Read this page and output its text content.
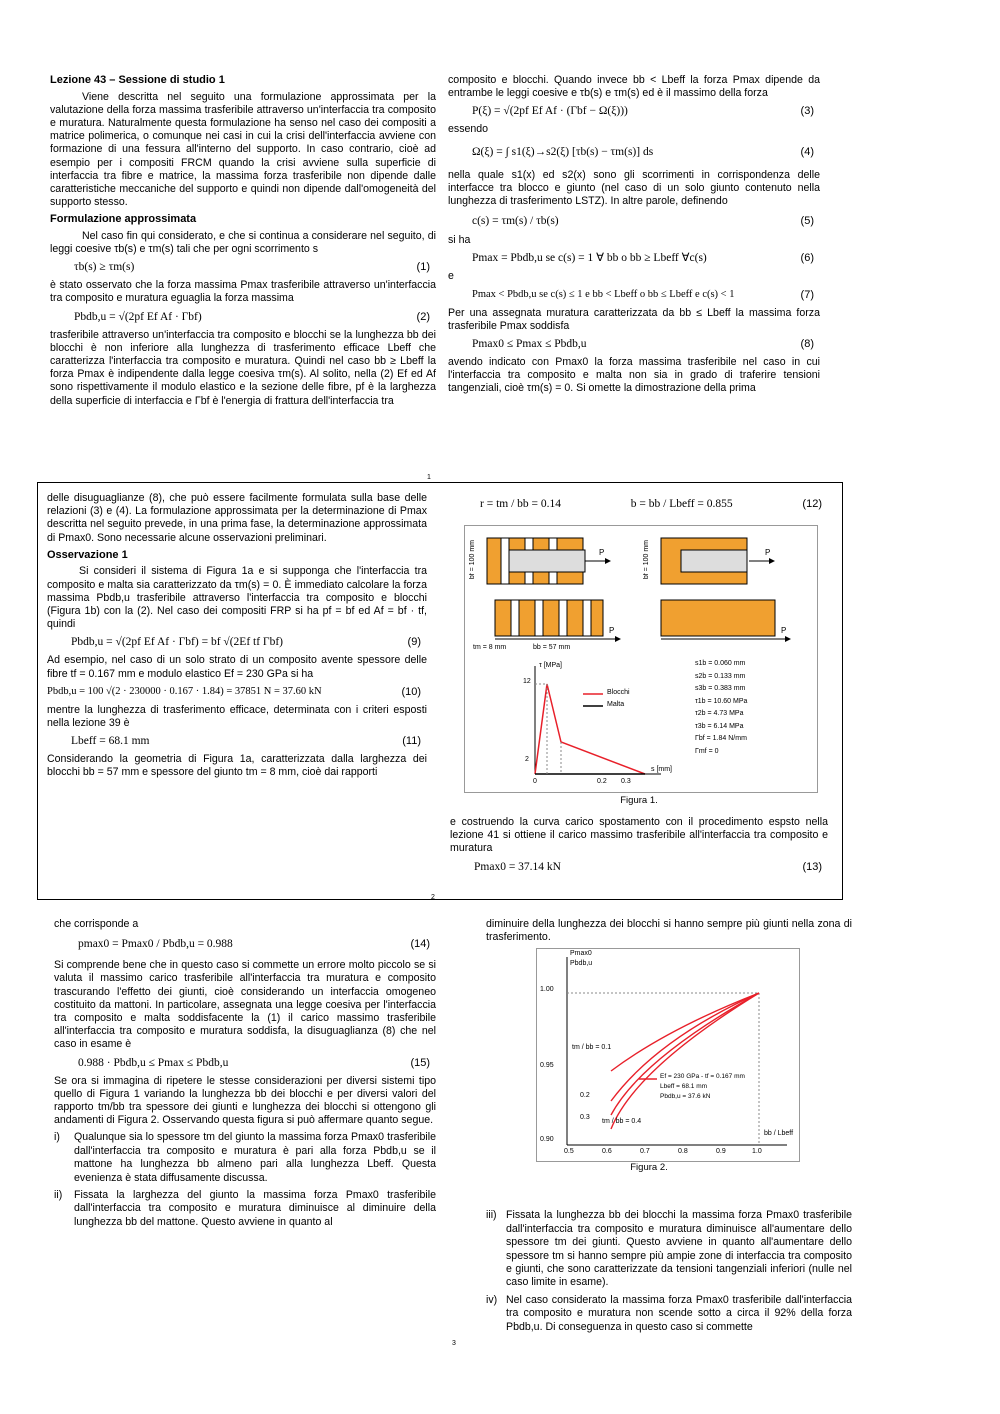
Lezione 43 – Sessione di studio 1

Viene descritta nel seguito una formulazione approssimata per la valutazione della forza massima trasferibile attraverso un'interfaccia tra composito e muratura. Naturalmente questa formulazione ha senso nel caso dei compositi a matrice polimerica, o comunque nei casi in cui la crisi dell'interfaccia avviene con formazione di una fessura all'interno del supporto. In caso contrario, cioè ad esempio per i compositi FRCM quando la crisi avviene sulla superficie di interfaccia tra fibre e matrice, la massima forza trasferibile non dipende dalle caratteristiche meccaniche del supporto e quindi non dipende dall'omogeneità del supporto stesso.

Formulazione approssimata

Nel caso fin qui considerato, e che si continua a considerare nel seguito, di leggi coesive τb(s) e τm(s) tali che per ogni scorrimento s

τb(s) ≥ τm(s)	(1)

è stato osservato che la forza massima Pmax trasferibile attraverso un'interfaccia tra composito e muratura eguaglia la forza massima

Pbdb,u = √(2pf Ef Af · Γbf)	(2)

trasferibile attraverso un'interfaccia tra composito e blocchi se la lunghezza bb dei blocchi è non inferiore alla lunghezza di trasferimento efficace Lbeff che caratterizza l'interfaccia tra composito e muratura. Quindi nel caso bb ≥ Lbeff la forza Pmax è indipendente dalla legge coesiva τm(s). Al solito, nella (2) Ef ed Af sono rispettivamente il modulo elastico e la sezione delle fibre, pf è la larghezza della superficie di interfaccia e Γbf è l'energia di frattura dell'interfaccia tra

composito e blocchi. Quando invece bb < Lbeff la forza Pmax dipende da entrambe le leggi coesive e τb(s) e τm(s) ed è il massimo della forza

P(ξ) = √(2pf Ef Af · (Γbf − Ω(ξ)))	(3)

essendo

Ω(ξ) = ∫ s1(ξ)→s2(ξ) [τb(s) − τm(s)] ds	(4)

nella quale s1(x) ed s2(x) sono gli scorrimenti in corrispondenza delle interfacce tra blocco e giunto (nel caso di un solo giunto contenuto nella lunghezza di trasferimento LSTZ). In altre parole, definendo

c(s) = τm(s) / τb(s)	(5)

si ha

Pmax = Pbdb,u se c(s) = 1 ∀ bb o bb ≥ Lbeff ∀c(s)	(6)

e

Pmax < Pbdb,u se c(s) ≤ 1 e bb < Lbeff o bb ≤ Lbeff e c(s) < 1	(7)

Per una assegnata muratura caratterizzata da bb ≤ Lbeff la massima forza trasferibile Pmax soddisfa

Pmax0 ≤ Pmax ≤ Pbdb,u	(8)

avendo indicato con Pmax0 la forza massima trasferibile nel caso in cui l'interfaccia tra composito e malta non sia in grado di traferire tensioni tangenziali, cioè τm(s) = 0. Si omette la dimostrazione della prima

1

delle disuguaglianze (8), che può essere facilmente formulata sulla base delle relazioni (3) e (4). La formulazione approssimata per la determinazione di Pmax descritta nel seguito prevede, in una prima fase, la determinazione approssimata di Pmax0. Sono necessarie alcune osservazioni preliminari.

Osservazione 1

Si consideri il sistema di Figura 1a e si supponga che l'interfaccia tra composito e malta sia caratterizzato da τm(s) = 0. È immediato calcolare la forza massima Pbdb,u trasferibile attraverso l'interfaccia tra composito e blocchi (Figura 1b) con la (2). Nel caso dei compositi FRP si ha pf = bf ed Af = bf · tf, quindi

Pbdb,u = √(2pf Ef Af · Γbf) = bf √(2Ef tf Γbf)	(9)

Ad esempio, nel caso di un solo strato di un composito avente spessore delle fibre tf = 0.167 mm e modulo elastico Ef = 230 GPa si ha

Pbdb,u = 100 √(2 · 230000 · 0.167 · 1.84) = 37851 N = 37.60 kN	(10)

mentre la lunghezza di trasferimento efficace, determinata con i criteri esposti nella lezione 39 è

Lbeff = 68.1 mm	(11)

Considerando la geometria di Figura 1a, caratterizzata dalla larghezza dei blocchi bb = 57 mm e spessore del giunto tm = 8 mm, cioè dai rapporti

r = tm / bb = 0.14	b = bb / Lbeff = 0.855	(12)
bf = 100 mm	bf = 100 mm
P	P
P	P
tm = 8 mm	bb = 57 mm
τ [MPa]
12
2
0	0.2 0.3
s [mm]
Blocchi
Malta
s1b = 0.060 mm
s2b = 0.133 mm
s3b = 0.383 mm
τ1b = 10.60 MPa
τ2b = 4.73 MPa
τ3b = 6.14 MPa
Γbf = 1.84 N/mm
Γmf = 0
Figura 1.

e costruendo la curva carico spostamento con il procedimento espsto nella lezione 41 si ottiene il carico massimo trasferibile all'interfaccia tra composito e muratura

Pmax0 = 37.14 kN	(13)
2

che corrisponde a

pmax0 = Pmax0 / Pbdb,u = 0.988	(14)

Si comprende bene che in questo caso si commette un errore molto piccolo se si valuta il massimo carico trasferibile all'interfaccia tra muratura e composito trascurando l'effetto dei giunti, cioè considerando un interfaccia omogeneo costituito da mattoni. In particolare, assegnata una legge coesiva per l'interfaccia tra composito e malta soddisfacente la (1) il carico massimo trasferibile all'interfaccia tra composito e muratura soddisfa, la disuguaglianza (8) che nel caso in esame è

0.988 · Pbdb,u ≤ Pmax ≤ Pbdb,u	(15)

Se ora si immagina di ripetere le stesse considerazioni per diversi sistemi tipo quello di Figura 1 variando la lunghezza bb dei blocchi e per diversi valori del rapporto tm/bb tra spessore dei giunti e lunghezza dei blocchi si ottengono gli andamenti di Figura 2. Osservando questa figura si può affermare quanto segue.

i)	Qualunque sia lo spessore tm del giunto la massima forza Pmax0 trasferibile dall'interfaccia tra composito e muratura è pari alla forza Pbdb,u se il mattone ha lunghezza bb almeno pari alla lunghezza Lbeff. Questa evenienza è stata diffusamente discussa.
ii)	Fissata la larghezza del giunto la massima forza Pmax0 trasferibile dall'interfaccia tra composito e muratura diminuisce al diminuire della lunghezza bb del mattone. Questo avviene in quanto al

diminuire della lunghezza dei blocchi si hanno sempre più giunti nella zona di trasferimento.

Pmax0
Pbdb,u
1.00
0.95
0.90
0.5	0.6	0.7	0.8	0.9	1.0
bb / Lbeff
tm / bb = 0.1
0.2
0.3
tm / bb = 0.4
Ef = 230 GPa - tf = 0.167 mm
Lbeff = 68.1 mm
Pbdb,u = 37.6 kN
Figura 2.
iii) Fissata la lunghezza bb dei blocchi la massima forza Pmax0 trasferibile dall'interfaccia tra composito e muratura diminuisce all'aumentare dello spessore tm dei giunti. Questo avviene in quanto all'aumentare dello spessore tm si hanno sempre più ampie zone di interfaccia tra composito e giunti, che sono caratterizzate da tensioni tangenziali inferiori (nulle nel caso limite in esame).
iv) Nel caso considerato la massima forza Pmax0 trasferibile dall'interfaccia tra composito e muratura non scende sotto a circa il 92% della forza Pbdb,u. Di conseguenza in questo caso si commette
3
